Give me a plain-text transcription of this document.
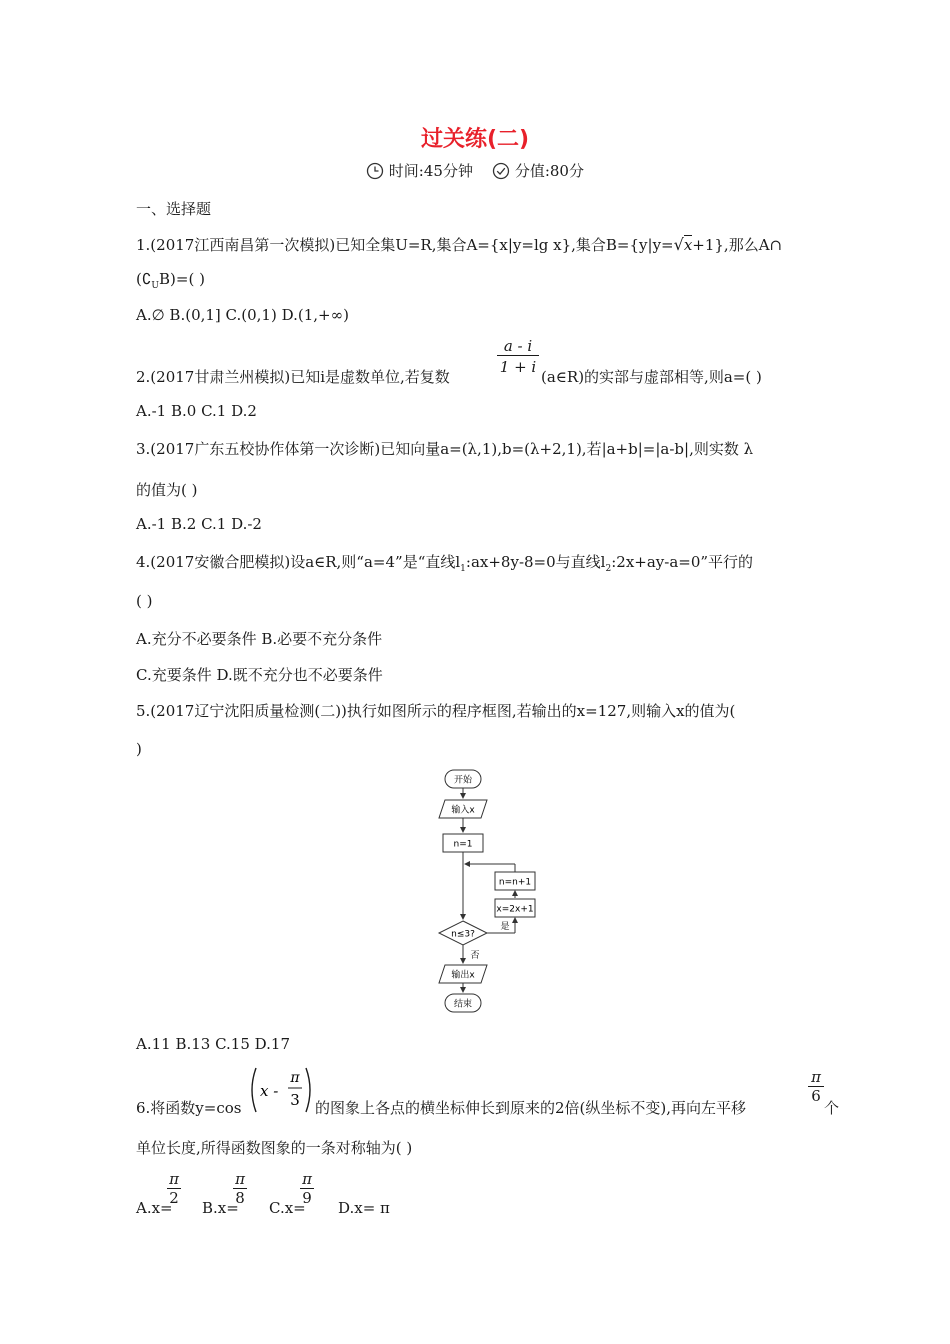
过关练(二)
时间:45分钟	分值:80分
一、选择题
1.(2017江西南昌第一次模拟)已知全集U=R,集合A={x|y=lg x},集合B={y|y=√x+1},那么A∩
$(∁_UB)=$( )
A.∅ B.(0,1] C.(0,1) D.(1,+∞)
a - i
1 + i
2.(2017甘肃兰州模拟)已知i是虚数单位,若复数	(a∈R)的实部与虚部相等,则a=( )
A.-1 B.0 C.1 D.2
3.(2017广东五校协作体第一次诊断)已知向量a=(λ,1),b=(λ+2,1),若|a+b|=|a-b|,则实数 λ
的值为( )
A.-1 B.2 C.1 D.-2
4.(2017安徽合肥模拟)设a∈R,则“a=4”是“直线$l_1:ax+8y-8=0$与直线$l_2:2x+ay-a=0$”平行的
( )
A.充分不必要条件 B.必要不充分条件
C.充要条件 D.既不充分也不必要条件
5.(2017辽宁沈阳质量检测(二))执行如图所示的程序框图,若输出的x=127,则输入x的值为(
)
开始
输入x
n=1
n=n+1
x=2x+1
是
n≤3?
否
输出x
结束
A.11 B.13 C.15 D.17
6.将函数y=cos
x -
π
3 的图象上各点的横坐标伸长到原来的2倍(纵坐标不变),再向左平移
π
6
个
单位长度,所得函数图象的一条对称轴为( )
A.x=
π
2
B.x=
π
8
C.x=
π
9
D.x= π
